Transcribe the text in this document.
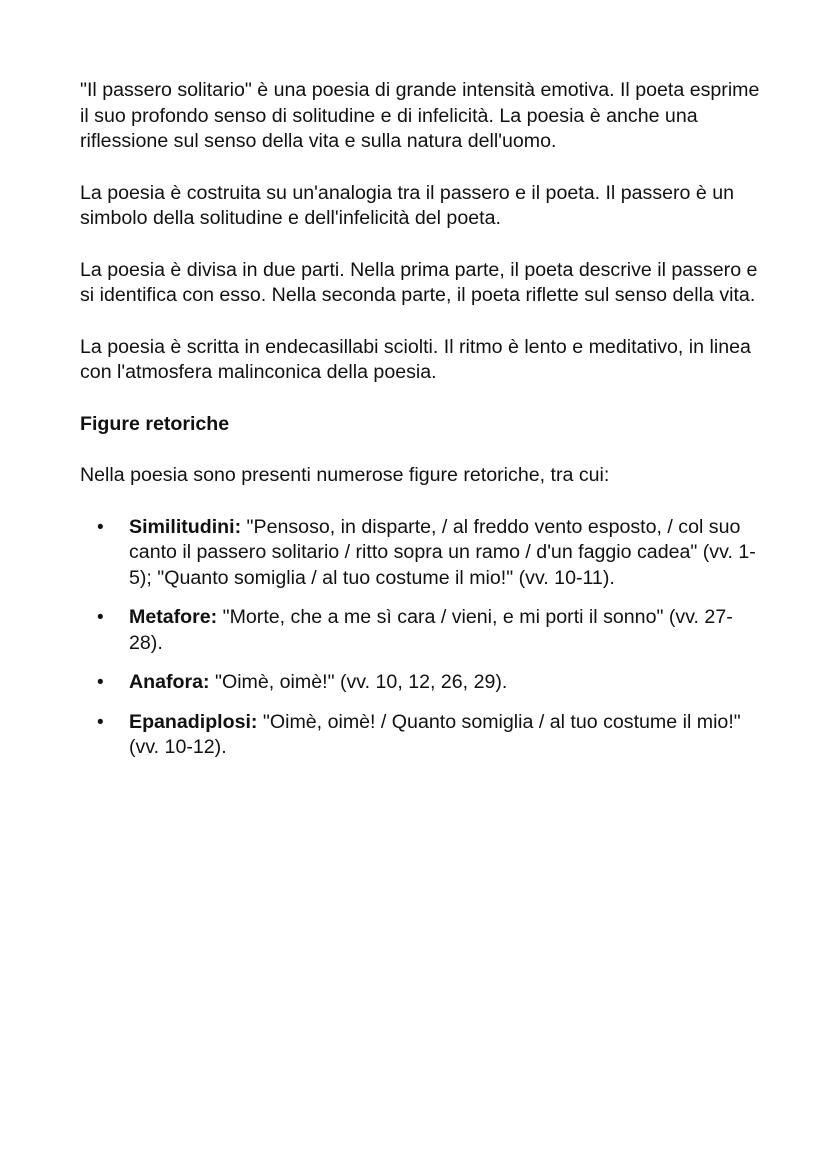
"Il passero solitario" è una poesia di grande intensità emotiva. Il poeta esprime il suo profondo senso di solitudine e di infelicità. La poesia è anche una riflessione sul senso della vita e sulla natura dell'uomo.

La poesia è costruita su un'analogia tra il passero e il poeta. Il passero è un simbolo della solitudine e dell'infelicità del poeta.

La poesia è divisa in due parti. Nella prima parte, il poeta descrive il passero e si identifica con esso. Nella seconda parte, il poeta riflette sul senso della vita.

La poesia è scritta in endecasillabi sciolti. Il ritmo è lento e meditativo, in linea con l'atmosfera malinconica della poesia.

Figure retoriche

Nella poesia sono presenti numerose figure retoriche, tra cui:

• Similitudini: "Pensoso, in disparte, / al freddo vento esposto, / col suo canto il passero solitario / ritto sopra un ramo / d'un faggio cadea" (vv. 1-5); "Quanto somiglia / al tuo costume il mio!" (vv. 10-11).
• Metafore: "Morte, che a me sì cara / vieni, e mi porti il sonno" (vv. 27-28).
• Anafora: "Oimè, oimè!" (vv. 10, 12, 26, 29).
• Epanadiplosi: "Oimè, oimè! / Quanto somiglia / al tuo costume il mio!" (vv. 10-12).
